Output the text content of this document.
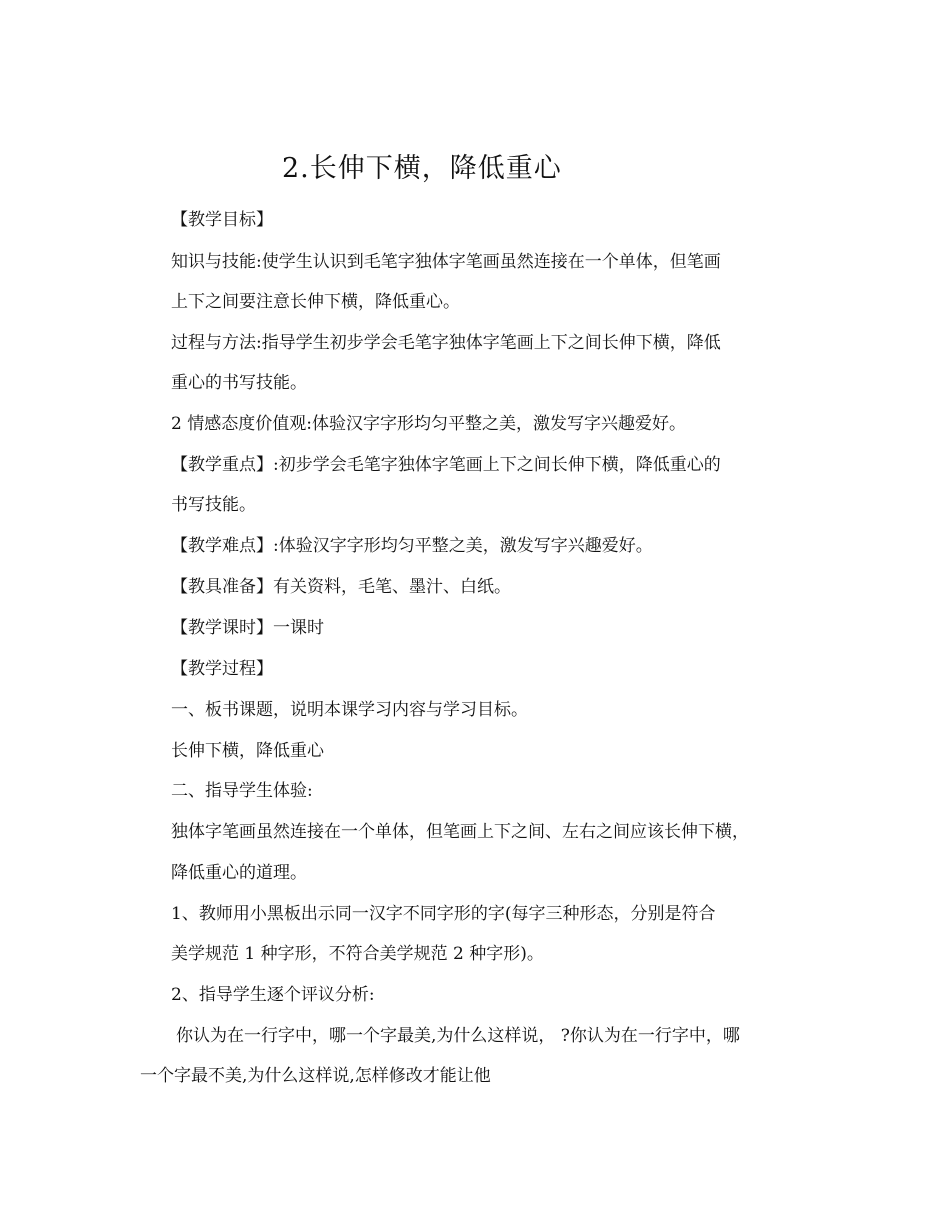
2.长伸下横，降低重心
【教学目标】
知识与技能:使学生认识到毛笔字独体字笔画虽然连接在一个单体，但笔画
上下之间要注意长伸下横，降低重心。
过程与方法:指导学生初步学会毛笔字独体字笔画上下之间长伸下横，降低
重心的书写技能。
2 情感态度价值观:体验汉字字形均匀平整之美，激发写字兴趣爱好。
【教学重点】:初步学会毛笔字独体字笔画上下之间长伸下横，降低重心的
书写技能。
【教学难点】:体验汉字字形均匀平整之美，激发写字兴趣爱好。
【教具准备】有关资料，毛笔、墨汁、白纸。
【教学课时】一课时
【教学过程】
一、板书课题，说明本课学习内容与学习目标。
长伸下横，降低重心
二、指导学生体验:
独体字笔画虽然连接在一个单体，但笔画上下之间、左右之间应该长伸下横，
降低重心的道理。
1、教师用小黑板出示同一汉字不同字形的字(每字三种形态，分别是符合
美学规范 1 种字形，不符合美学规范 2 种字形)。
2、指导学生逐个评议分析:
你认为在一行字中，哪一个字最美,为什么这样说， ?你认为在一行字中，哪
一个字最不美,为什么这样说,怎样修改才能让他
